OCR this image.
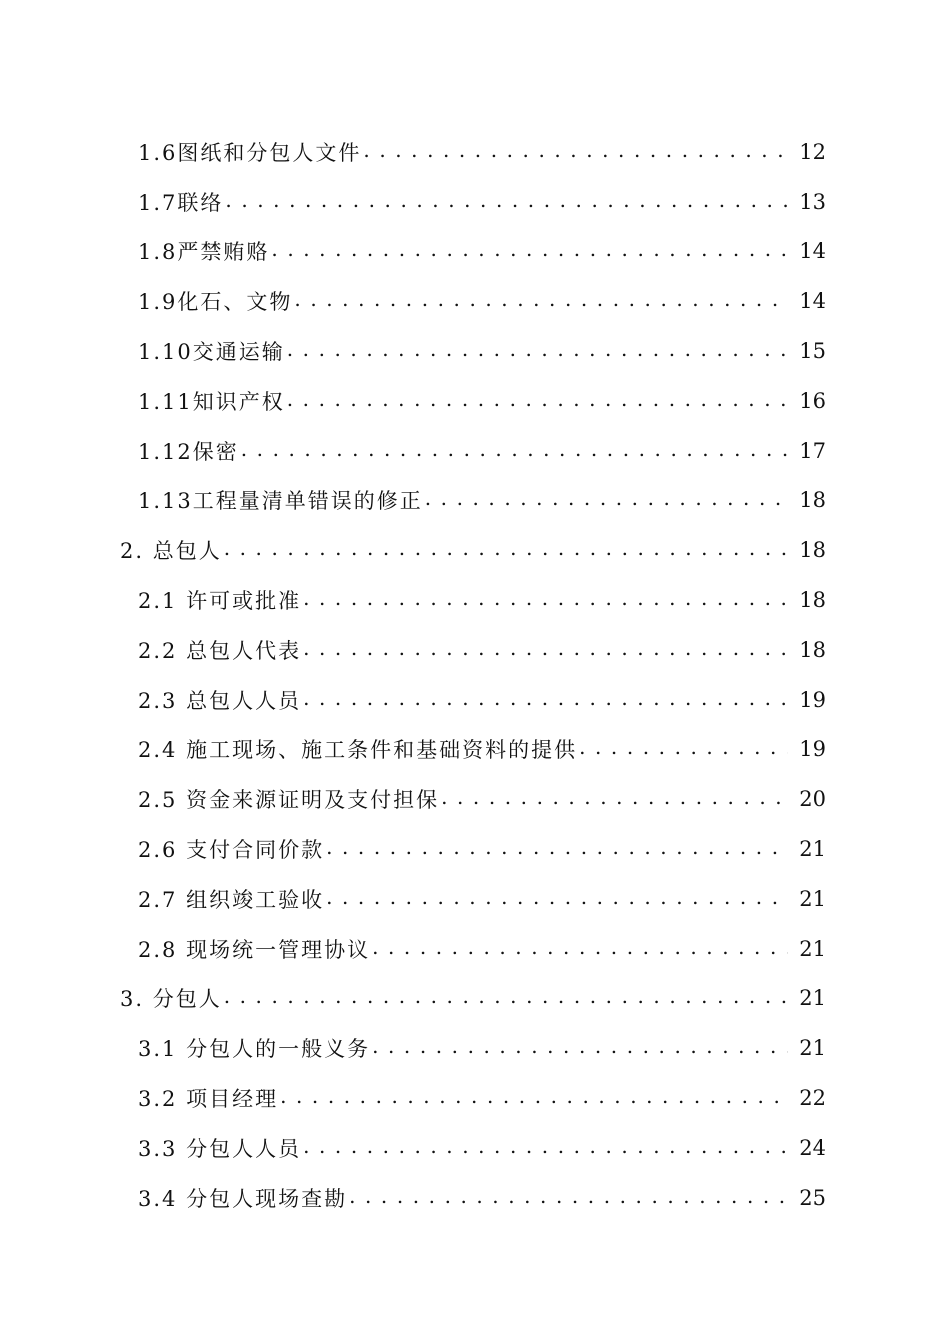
1.6图纸和分包人文件 . . .	12
1.7联络 . . .	13
1.8严禁贿赂 . . .	14
1.9化石、文物 . . .	14
1.10交通运输 . . .	15
1.11知识产权 . . .	16
1.12保密 . . .	17
1.13工程量清单错误的修正 . . .	18
2. 总包人 . . .	18
2.1 许可或批准 . . .	18
2.2 总包人代表 . . .	18
2.3 总包人人员 . . .	19
2.4 施工现场、施工条件和基础资料的提供 . . .	19
2.5 资金来源证明及支付担保 . . .	20
2.6 支付合同价款 . . .	21
2.7 组织竣工验收 . . .	21
2.8 现场统一管理协议 . . .	21
3. 分包人 . . .	21
3.1 分包人的一般义务 . . .	21
3.2 项目经理 . . .	22
3.3 分包人人员 . . .	24
3.4 分包人现场查勘 . . .	25
